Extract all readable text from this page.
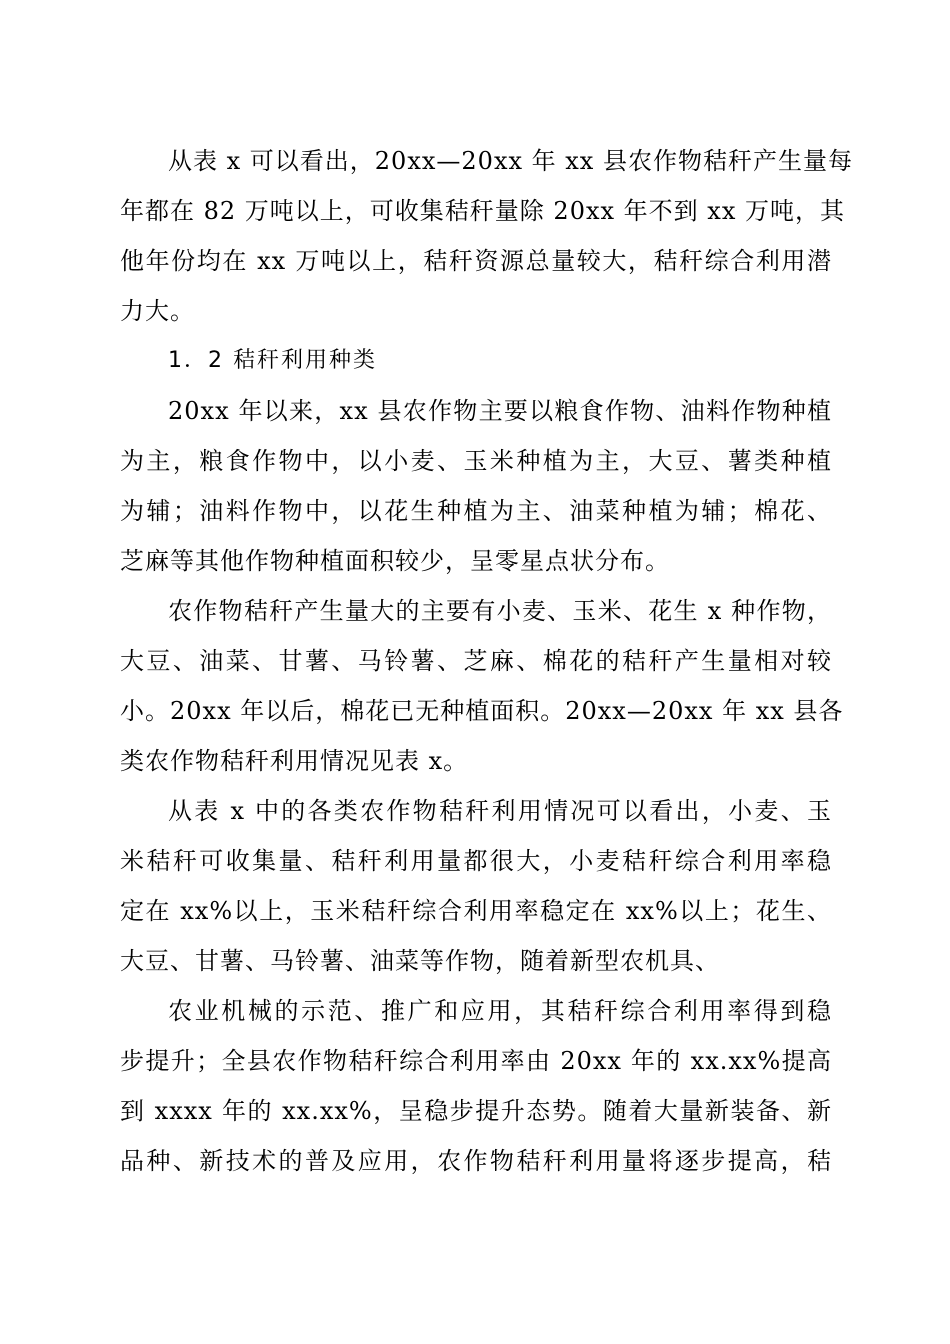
从表 x 可以看出，20xx—20xx 年 xx 县农作物秸秆产生量每
年都在 82 万吨以上，可收集秸秆量除 20xx 年不到 xx 万吨，其
他年份均在 xx 万吨以上，秸秆资源总量较大，秸秆综合利用潜
力大。
1．2 秸秆利用种类
20xx 年以来，xx 县农作物主要以粮食作物、油料作物种植
为主，粮食作物中，以小麦、玉米种植为主，大豆、薯类种植
为辅；油料作物中，以花生种植为主、油菜种植为辅；棉花、
芝麻等其他作物种植面积较少，呈零星点状分布。
农作物秸秆产生量大的主要有小麦、玉米、花生 x 种作物，
大豆、油菜、甘薯、马铃薯、芝麻、棉花的秸秆产生量相对较
小。20xx 年以后，棉花已无种植面积。20xx—20xx 年 xx 县各
类农作物秸秆利用情况见表 x。
从表 x 中的各类农作物秸秆利用情况可以看出，小麦、玉
米秸秆可收集量、秸秆利用量都很大，小麦秸秆综合利用率稳
定在 xx%以上，玉米秸秆综合利用率稳定在 xx%以上；花生、
大豆、甘薯、马铃薯、油菜等作物，随着新型农机具、
农业机械的示范、推广和应用，其秸秆综合利用率得到稳
步提升；全县农作物秸秆综合利用率由 20xx 年的 xx.xx%提高
到 xxxx 年的 xx.xx%，呈稳步提升态势。随着大量新装备、新
品种、新技术的普及应用，农作物秸秆利用量将逐步提高，秸
